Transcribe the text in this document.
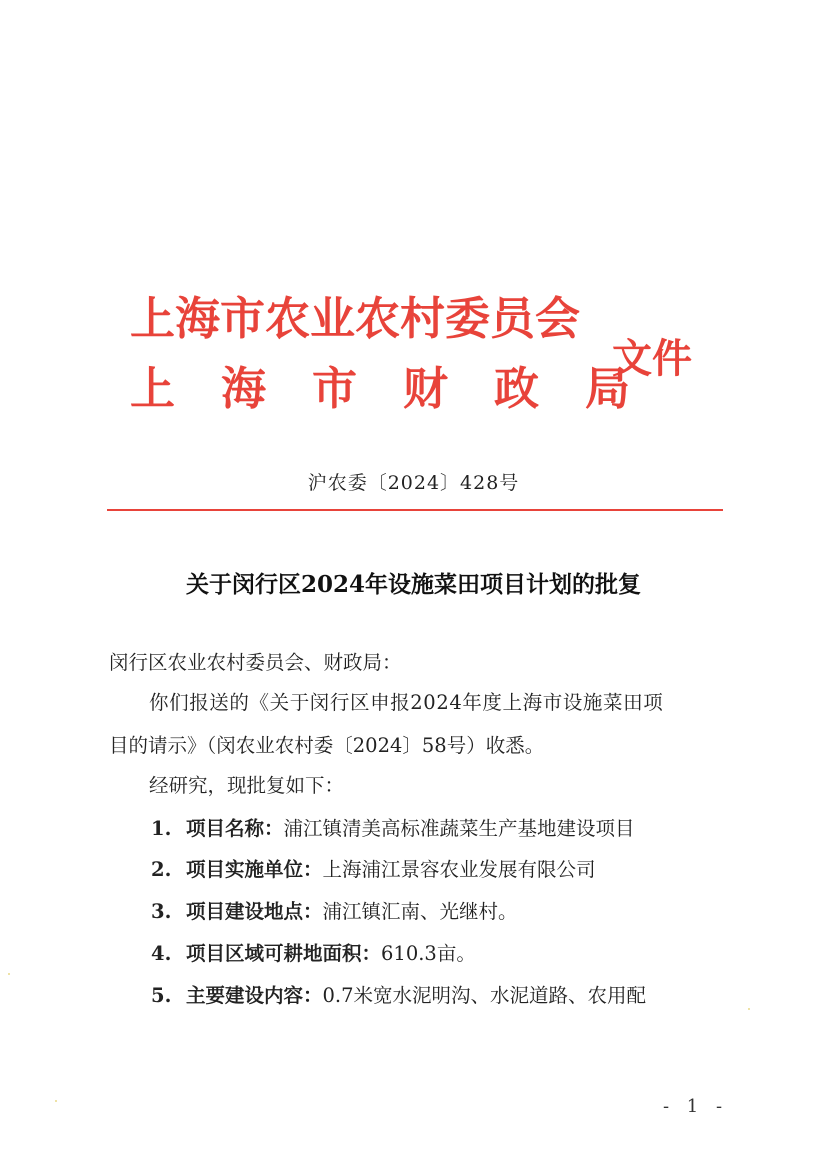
上海市农业农村委员会
上 海 市 财 政 局
文件
沪农委〔2024〕428号
关于闵行区2024年设施菜田项目计划的批复
闵行区农业农村委员会、财政局：
你们报送的《关于闵行区申报2024年度上海市设施菜田项
目的请示》（闵农业农村委〔2024〕58号）收悉。
经研究，现批复如下：
1. 项目名称：浦江镇清美高标准蔬菜生产基地建设项目
2. 项目实施单位：上海浦江景容农业发展有限公司
3. 项目建设地点：浦江镇汇南、光继村。
4. 项目区域可耕地面积：610.3亩。
5. 主要建设内容：0.7米宽水泥明沟、水泥道路、农用配
- 1 -
